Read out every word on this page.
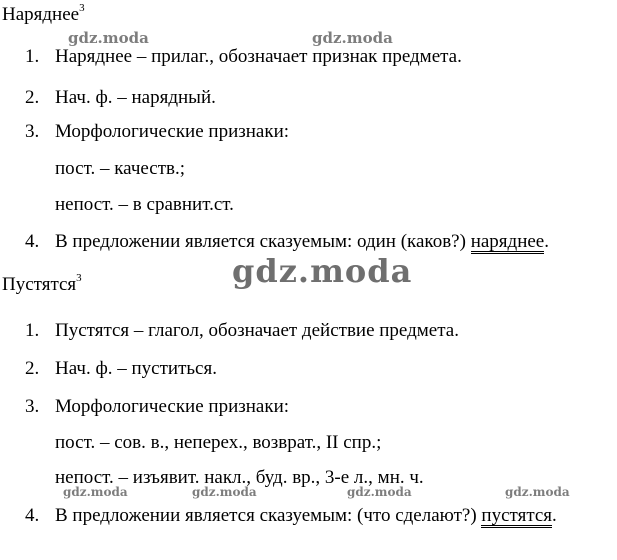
Наряднее$^3$
1. Наряднее – прилаг., обозначает признак предмета.
2. Нач. ф. – нарядный.
3. Морфологические признаки:
пост. – качеств.;
непост. – в сравнит.ст.
4. В предложении является сказуемым: один (каков?) наряднее.
Пустятся$^3$
1. Пустятся – глагол, обозначает действие предмета.
2. Нач. ф. – пуститься.
3. Морфологические признаки:
пост. – сов. в., неперех., возврат., II спр.;
непост. – изъявит. накл., буд. вр., 3-е л., мн. ч.
4. В предложении является сказуемым: (что сделают?) пустятся.
gdz.moda	gdz.moda
gdz.moda
gdz.moda	gdz.moda	gdz.moda	gdz.moda
